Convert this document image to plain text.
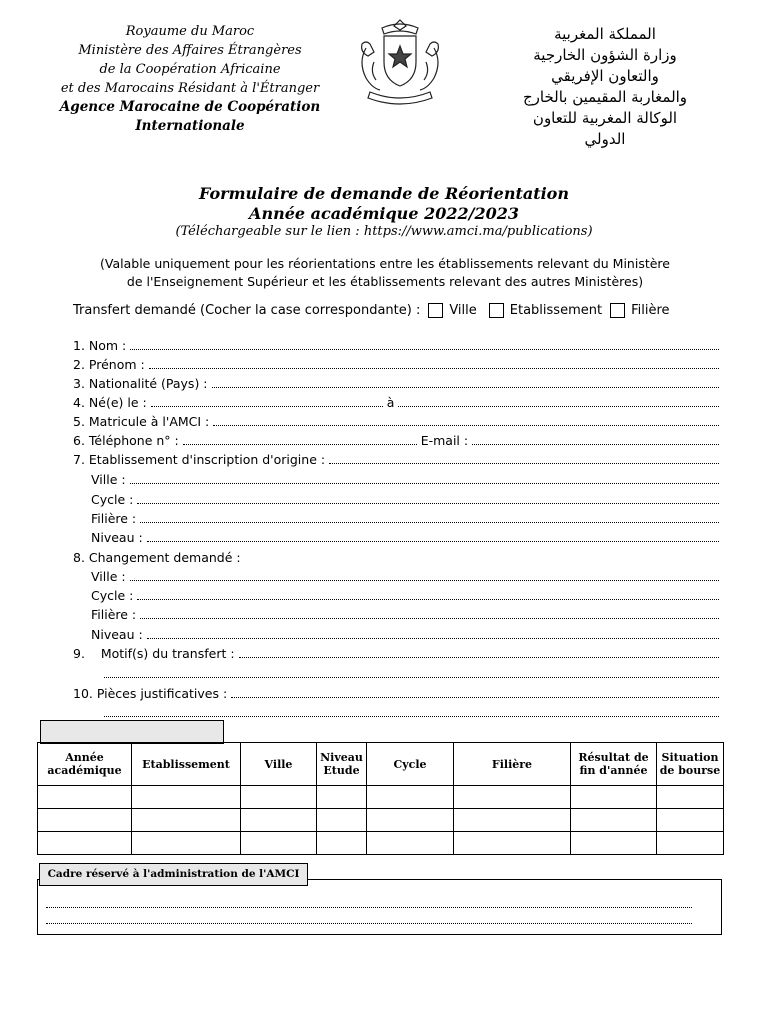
Royaume du Maroc
Ministère des Affaires Étrangères
de la Coopération Africaine
et des Marocains Résidant à l'Étranger
Agence Marocaine de Coopération
Internationale
المملكة المغربية
وزارة الشؤون الخارجية
والتعاون الإفريقي
والمغاربة المقيمين بالخارج
الوكالة المغربية للتعاون
الدولي
Formulaire de demande de Réorientation
Année académique 2022/2023
(Téléchargeable sur le lien : https://www.amci.ma/publications)
(Valable uniquement pour les réorientations entre les établissements relevant du Ministère
de l'Enseignement Supérieur et les établissements relevant des autres Ministères)
Transfert demandé (Cocher la case correspondante) : Ville	Etablissement Filière
1. Nom :
2. Prénom :
3. Nationalité (Pays) :
4. Né(e) le :	à
5. Matricule à l'AMCI :
6. Téléphone n° :	E-mail :
7. Etablissement d'inscription d'origine :
Ville :
Cycle :
Filière :
Niveau :
8. Changement demandé :
Ville :
Cycle :
Filière :
Niveau :
9.    Motif(s) du transfert :
10. Pièces justificatives :
Année académique	Etablissement	Ville	Niveau Etude	Cycle	Filière	Résultat de fin d'année	Situation de bourse

Cadre réservé à l'administration de l'AMCI
